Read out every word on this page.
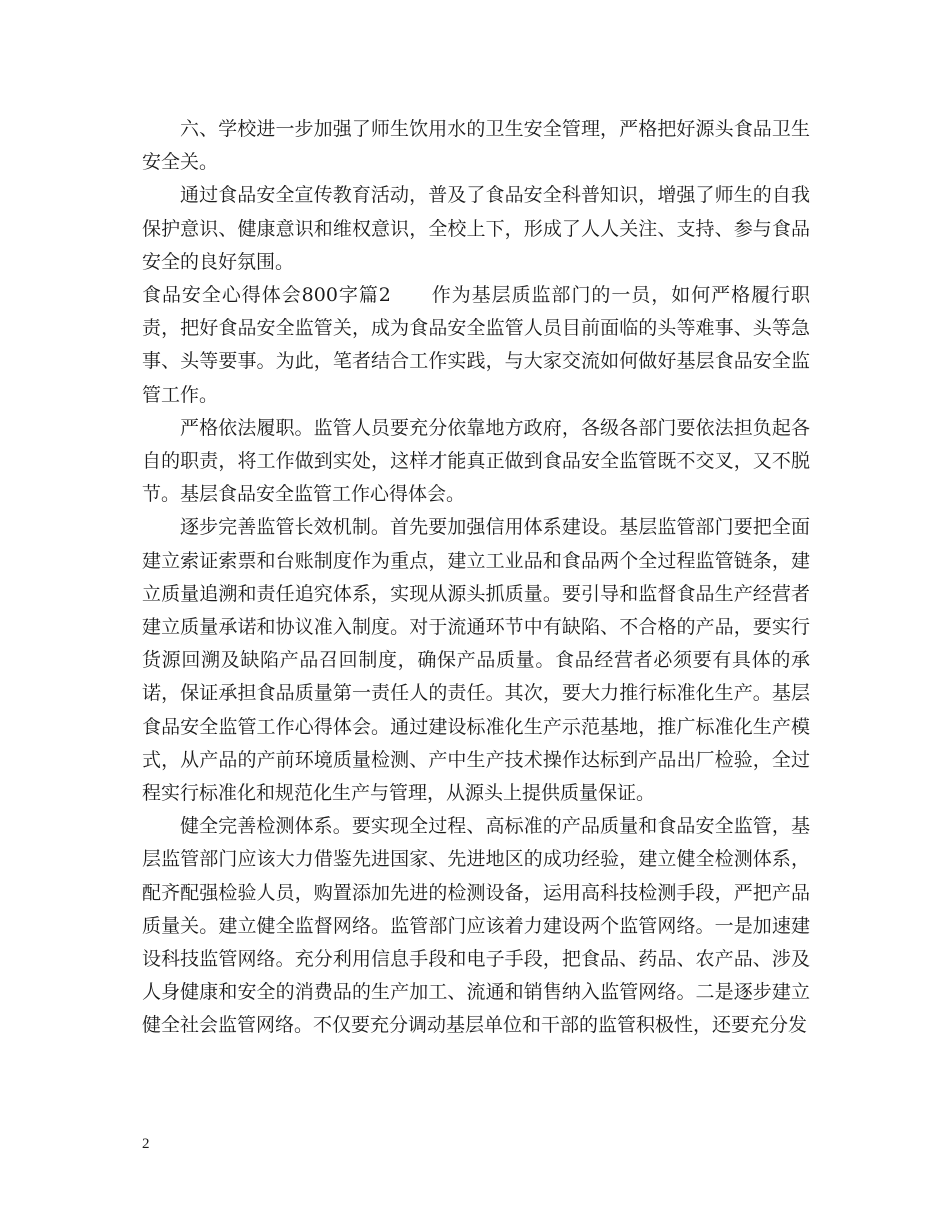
六、学校进一步加强了师生饮用水的卫生安全管理，严格把好源头食品卫生安全关。

通过食品安全宣传教育活动，普及了食品安全科普知识，增强了师生的自我保护意识、健康意识和维权意识，全校上下，形成了人人关注、支持、参与食品安全的良好氛围。

食品安全心得体会800字篇2　　作为基层质监部门的一员，如何严格履行职责，把好食品安全监管关，成为食品安全监管人员目前面临的头等难事、头等急事、头等要事。为此，笔者结合工作实践，与大家交流如何做好基层食品安全监管工作。

严格依法履职。监管人员要充分依靠地方政府，各级各部门要依法担负起各自的职责，将工作做到实处，这样才能真正做到食品安全监管既不交叉，又不脱节。基层食品安全监管工作心得体会。

逐步完善监管长效机制。首先要加强信用体系建设。基层监管部门要把全面建立索证索票和台账制度作为重点，建立工业品和食品两个全过程监管链条，建立质量追溯和责任追究体系，实现从源头抓质量。要引导和监督食品生产经营者建立质量承诺和协议准入制度。对于流通环节中有缺陷、不合格的产品，要实行货源回溯及缺陷产品召回制度，确保产品质量。食品经营者必须要有具体的承诺，保证承担食品质量第一责任人的责任。其次，要大力推行标准化生产。基层食品安全监管工作心得体会。通过建设标准化生产示范基地，推广标准化生产模式，从产品的产前环境质量检测、产中生产技术操作达标到产品出厂检验，全过程实行标准化和规范化生产与管理，从源头上提供质量保证。

健全完善检测体系。要实现全过程、高标准的产品质量和食品安全监管，基层监管部门应该大力借鉴先进国家、先进地区的成功经验，建立健全检测体系，配齐配强检验人员，购置添加先进的检测设备，运用高科技检测手段，严把产品质量关。建立健全监督网络。监管部门应该着力建设两个监管网络。一是加速建设科技监管网络。充分利用信息手段和电子手段，把食品、药品、农产品、涉及人身健康和安全的消费品的生产加工、流通和销售纳入监管网络。二是逐步建立健全社会监管网络。不仅要充分调动基层单位和干部的监管积极性，还要充分发

2
